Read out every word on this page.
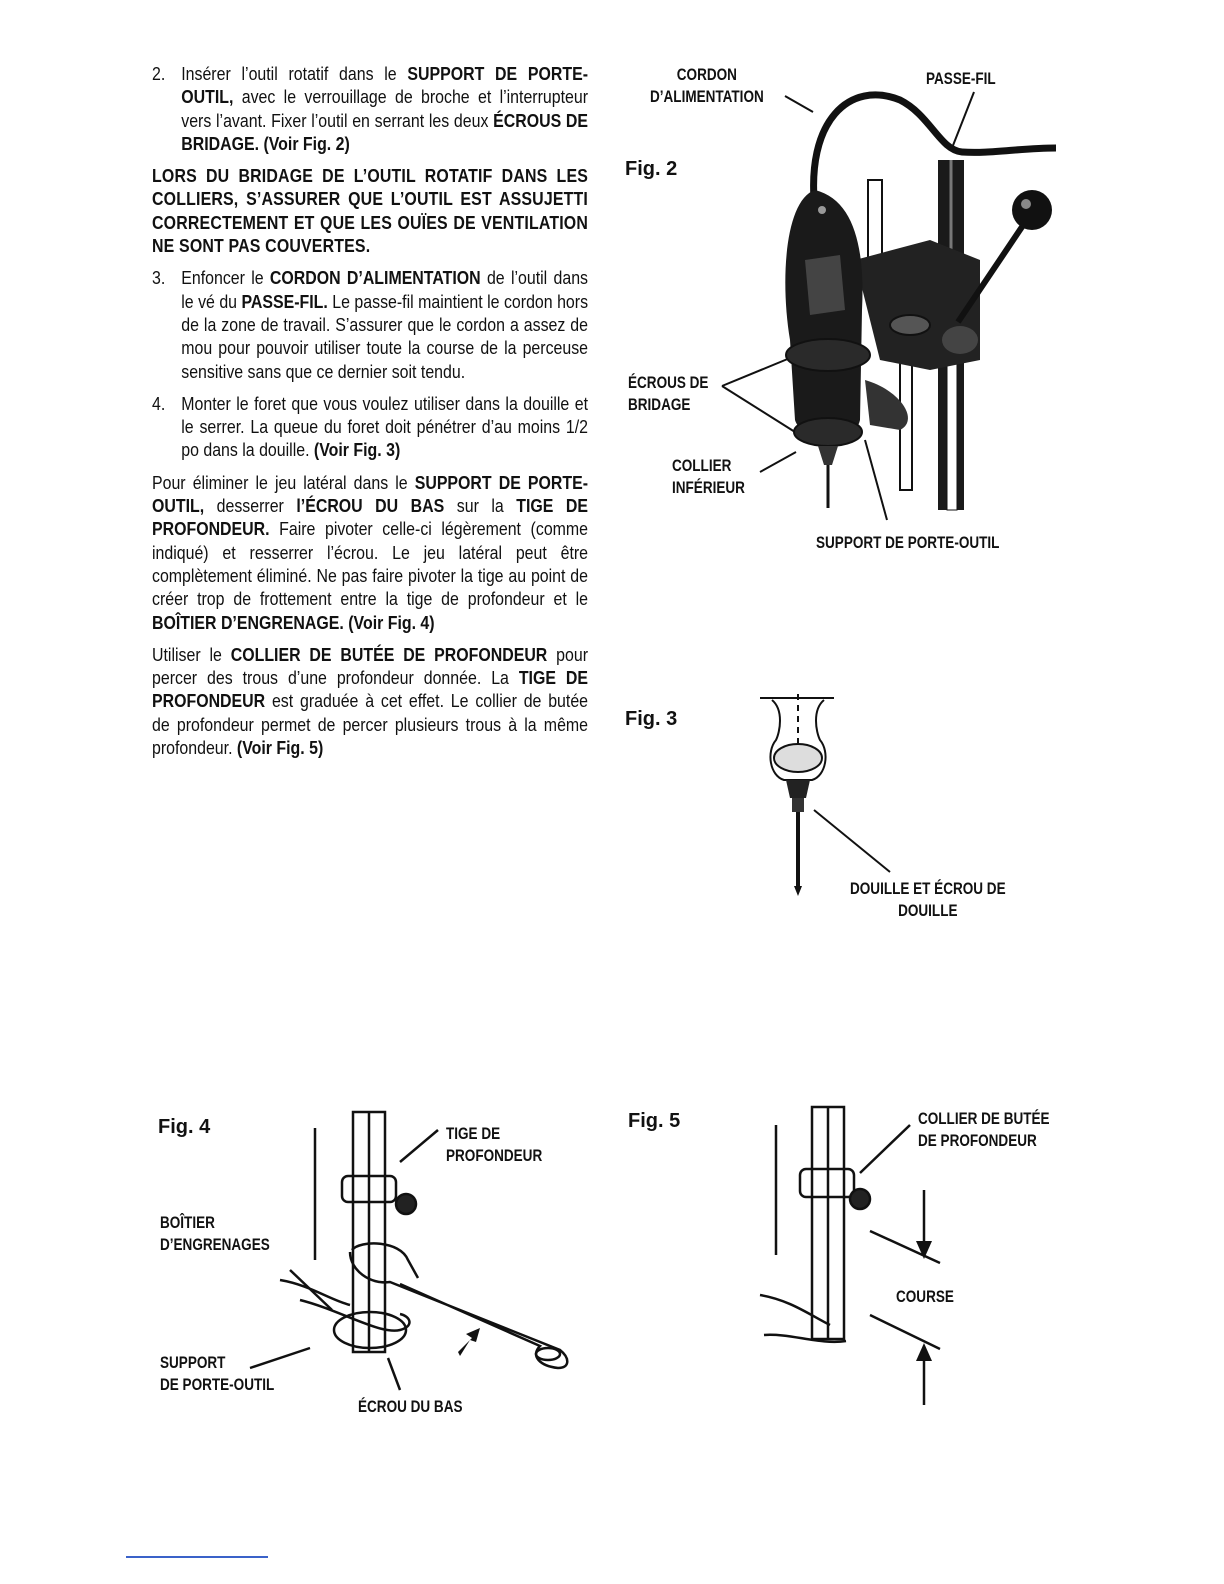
2. Insérer l’outil rotatif dans le SUPPORT DE PORTE-OUTIL, avec le verrouillage de broche et l’interrupteur vers l’avant. Fixer l’outil en serrant les deux ÉCROUS DE BRIDAGE. (Voir Fig. 2)

LORS DU BRIDAGE DE L’OUTIL ROTATIF DANS LES COLLIERS, S’ASSURER QUE L’OUTIL EST ASSUJETTI CORRECTEMENT ET QUE LES OUÏES DE VENTILATION NE SONT PAS COUVERTES.

3. Enfoncer le CORDON D’ALIMENTATION de l’outil dans le vé du PASSE-FIL. Le passe-fil maintient le cordon hors de la zone de travail. S’assurer que le cordon a assez de mou pour pouvoir utiliser toute la course de la perceuse sensitive sans que ce dernier soit tendu.

4. Monter le foret que vous voulez utiliser dans la douille et le serrer. La queue du foret doit pénétrer d’au moins 1/2 po dans la douille. (Voir Fig. 3)

Pour éliminer le jeu latéral dans le SUPPORT DE PORTE-OUTIL, desserrer l’ÉCROU DU BAS sur la TIGE DE PROFONDEUR. Faire pivoter celle-ci légèrement (comme indiqué) et resserrer l’écrou. Le jeu latéral peut être complètement éliminé. Ne pas faire pivoter la tige au point de créer trop de frottement entre la tige de profondeur et le BOÎTIER D’ENGRENAGE. (Voir Fig. 4)

Utiliser le COLLIER DE BUTÉE DE PROFONDEUR pour percer des trous d’une profondeur donnée. La TIGE DE PROFONDEUR est graduée à cet effet. Le collier de butée de profondeur permet de percer plusieurs trous à la même profondeur. (Voir Fig. 5)

Fig. 2
CORDON
D’ALIMENTATION
PASSE-FIL
ÉCROUS DE
BRIDAGE
COLLIER
INFÉRIEUR
SUPPORT DE PORTE-OUTIL
Fig. 3
DOUILLE ET ÉCROU DE
DOUILLE
Fig. 4	TIGE DE
PROFONDEUR
BOÎTIER
D’ENGRENAGES
SUPPORT
DE PORTE-OUTIL
ÉCROU DU BAS
Fig. 5	COLLIER DE BUTÉE
DE PROFONDEUR
COURSE
